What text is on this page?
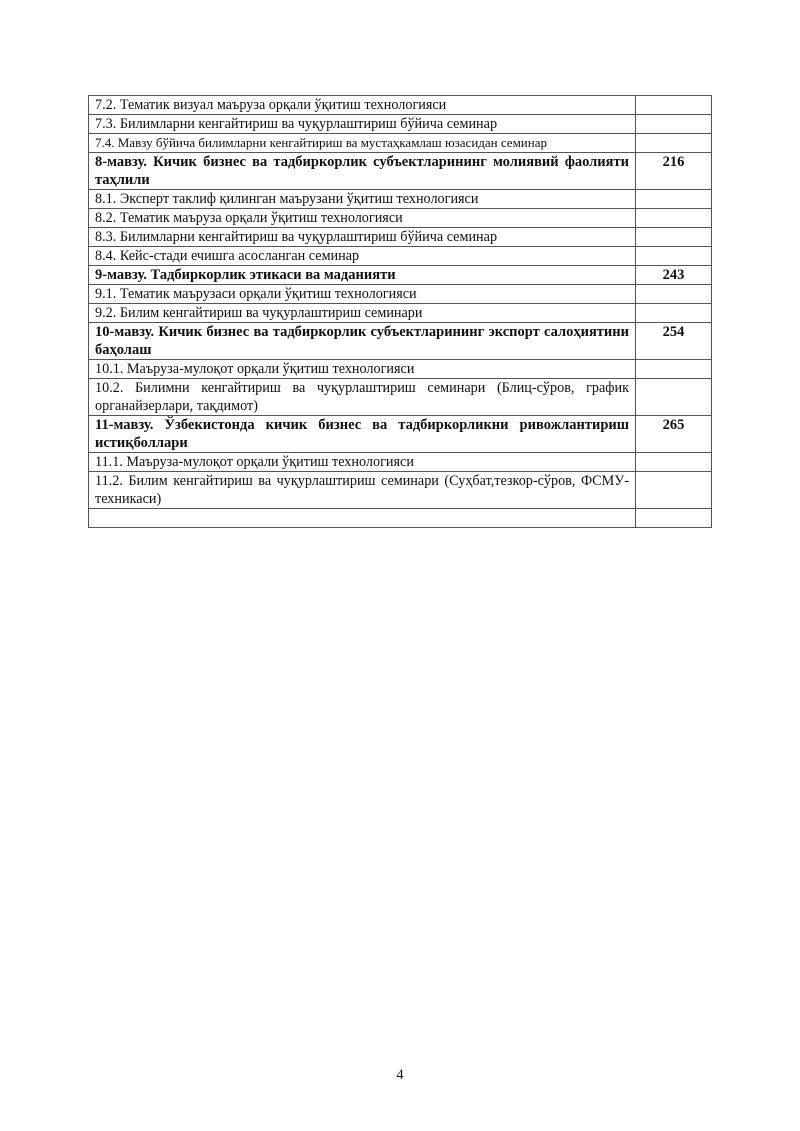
7.2. Тематик визуал маъруза орқали ўқитиш технологияси	
7.3. Билимларни кенгайтириш ва чуқурлаштириш бўйича семинар	
7.4. Мавзу бўйича билимларни кенгайтириш ва мустаҳкамлаш юзасидан семинар	
8-мавзу. Кичик бизнес ва тадбиркорлик субъектларининг молиявий фаолияти таҳлили	216
8.1. Эксперт таклиф қилинган маърузани ўқитиш технологияси	
8.2. Тематик маъруза орқали ўқитиш технологияси	
8.3. Билимларни кенгайтириш ва чуқурлаштириш бўйича семинар	
8.4. Кейс-стади ечишга асосланган семинар	
9-мавзу. Тадбиркорлик этикаси ва маданияти	243
9.1. Тематик маърузаси орқали ўқитиш технологияси	
9.2. Билим кенгайтириш ва чуқурлаштириш семинари	
10-мавзу. Кичик бизнес ва тадбиркорлик субъектларининг экспорт салоҳиятини баҳолаш	254
10.1. Маъруза-мулоқот орқали ўқитиш технологияси	
10.2. Билимни кенгайтириш ва чуқурлаштириш семинари (Блиц-сўров, график органайзерлари, тақдимот)	
11-мавзу. Ўзбекистонда кичик бизнес ва тадбиркорликни ривожлантириш истиқболлари	265
11.1. Маъруза-мулоқот орқали ўқитиш технологияси	
11.2. Билим кенгайтириш ва чуқурлаштириш семинари (Суҳбат,тезкор-сўров, ФСМУ-техникаси)	

4
